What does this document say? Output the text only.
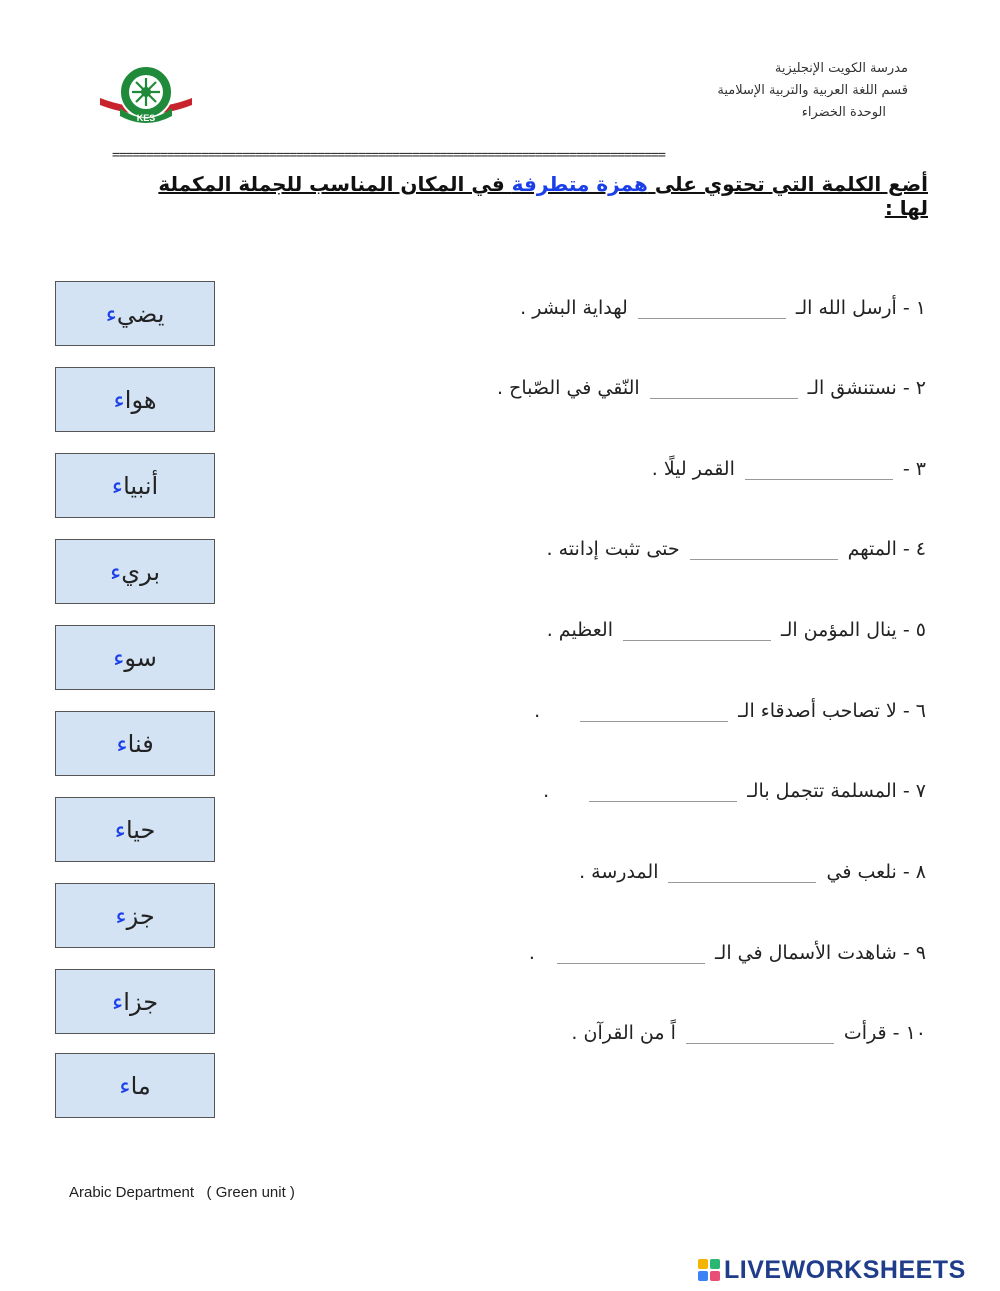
KES
مدرسة الكويت الإنجليزية
قسم اللغة العربية والتربية الإسلامية
الوحدة الخضراء
=================================================================================
أضع الكلمة التي تحتوي على همزة متطرفة في المكان المناسب للجملة المكملة لها :
يضي
ء
هوا
ء
أنبيا
ء
بري
ء
سو
ء
فنا
ء
حيا
ء
جز
ء
جزا
ء
ما
ء
١ - أرسل الله الـ
لهداية البشر .
٢ - نستنشق الـ
النّقي في الصّباح .
٣ -
القمر ليلًا .
٤ - المتهم
حتى تثبت إدانته .
٥ - ينال المؤمن الـ
العظيم .
٦ - لا تصاحب أصدقاء الـ
.
٧ - المسلمة تتجمل بالـ
.
٨ - نلعب في
المدرسة .
٩ - شاهدت الأسمال في الـ
.
١٠ - قرأت
اً من القرآن .
Arabic Department   ( Green unit )
LIVEWORKSHEETS
